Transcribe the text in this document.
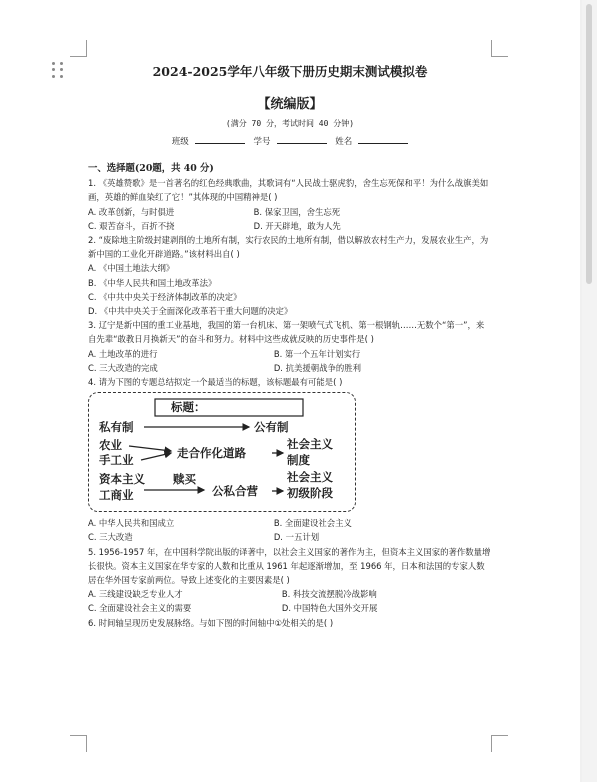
2024-2025学年八年级下册历史期末测试模拟卷
【统编版】
(满分 70 分，考试时间 40 分钟)
班级	学号	姓名
一、选择题(20题，共 40 分)

1. 《英雄赞歌》是一首著名的红色经典歌曲，其歌词有“人民战士驱虎豹，舍生忘死保和平！为什么战旗美如画，英雄的鲜血染红了它！”其体现的中国精神是( )

A. 改革创新，与时俱进	B. 保家卫国，舍生忘死

C. 艰苦奋斗，百折不挠	D. 开天辟地，敢为人先

2. “废除地主阶级封建剥削的土地所有制，实行农民的土地所有制，借以解放农村生产力，发展农业生产，为新中国的工业化开辟道路。”该材料出自( )

A. 《中国土地法大纲》

B. 《中华人民共和国土地改革法》

C. 《中共中央关于经济体制改革的决定》

D. 《中共中央关于全面深化改革若干重大问题的决定》

3. 辽宁是新中国的重工业基地，我国的第一台机床、第一架喷气式飞机、第一根钢轨……无数个“第一”，来自先辈“敢教日月换新天”的奋斗和努力。材料中这些成就反映的历史事件是( )

A. 土地改革的进行	B. 第一个五年计划实行

C. 三大改造的完成	D. 抗美援朝战争的胜利

4. 请为下图的专题总结拟定一个最适当的标题，该标题最有可能是( )

标题：
私有制	公有制
农业
手工业	走合作化道路
社会主义
制度
资本主义 赎买
工商业	公私合营
社会主义
初级阶段

A. 中华人民共和国成立	B. 全面建设社会主义

C. 三大改造	D. 一五计划

5. 1956-1957 年，在中国科学院出版的译著中，以社会主义国家的著作为主，但资本主义国家的著作数量增长很快。资本主义国家在华专家的人数和比重从 1961 年起逐渐增加，至 1966 年，日本和法国的专家人数居在华外国专家前两位。导致上述变化的主要因素是( )

A. 三线建设缺乏专业人才	B. 科技交流摆脱冷战影响

C. 全面建设社会主义的需要	D. 中国特色大国外交开展

6. 时间轴呈现历史发展脉络。与如下图的时间轴中①处相关的是( )
